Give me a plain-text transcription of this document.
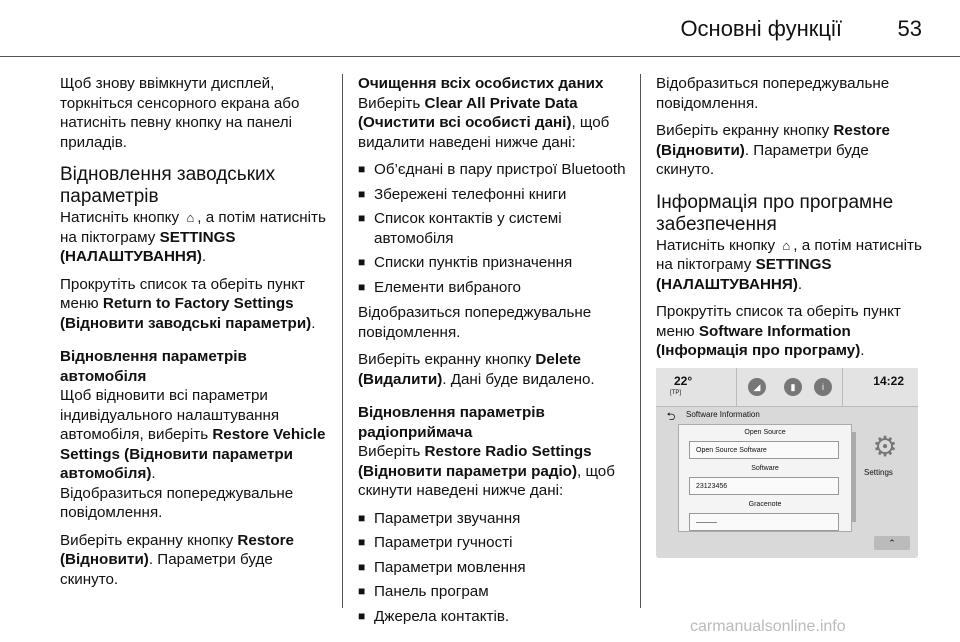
Основні функції	53

Щоб знову ввімкнути дисплей, торкніться сенсорного екрана або натисніть певну кнопку на панелі приладів.

Відновлення заводських параметрів

Натисніть кнопку ⌂ , а потім натисніть на піктограму SETTINGS (НАЛАШТУВАННЯ).

Прокрутіть список та оберіть пункт меню Return to Factory Settings (Відновити заводські параметри).

Відновлення параметрів автомобіля

Щоб відновити всі параметри індивідуального налаштування автомобіля, виберіть Restore Vehicle Settings (Відновити параметри автомобіля).
Відобразиться попереджувальне повідомлення.

Виберіть екранну кнопку Restore (Відновити). Параметри буде скинуто.

Очищення всіх особистих даних

Виберіть Clear All Private Data (Очистити всі особисті дані), щоб видалити наведені нижче дані:

■ Об’єднані в пару пристрої Bluetooth
■ Збережені телефонні книги
■ Список контактів у системі автомобіля
■ Списки пунктів призначення
■ Елементи вибраного

Відобразиться попереджувальне повідомлення.

Виберіть екранну кнопку Delete (Видалити). Дані буде видалено.

Відновлення параметрів радіоприймача

Виберіть Restore Radio Settings (Відновити параметри радіо), щоб скинути наведені нижче дані:

■ Параметри звучання
■ Параметри гучності
■ Параметри мовлення
■ Панель програм
■ Джерела контактів.

Відобразиться попереджувальне повідомлення.

Виберіть екранну кнопку Restore (Відновити). Параметри буде скинуто.

Інформація про програмне забезпечення

Натисніть кнопку ⌂ , а потім натисніть на піктограму SETTINGS (НАЛАШТУВАННЯ).

Прокрутіть список та оберіть пункт меню Software Information (Інформація про програму).

22°
[TP]
◢	▮	i	14:22
⮌	Software Information
Open Source
Open Source Software
Software
23123456
Gracenote
———
⚙
Settings
⌃
carmanualsonline.info
